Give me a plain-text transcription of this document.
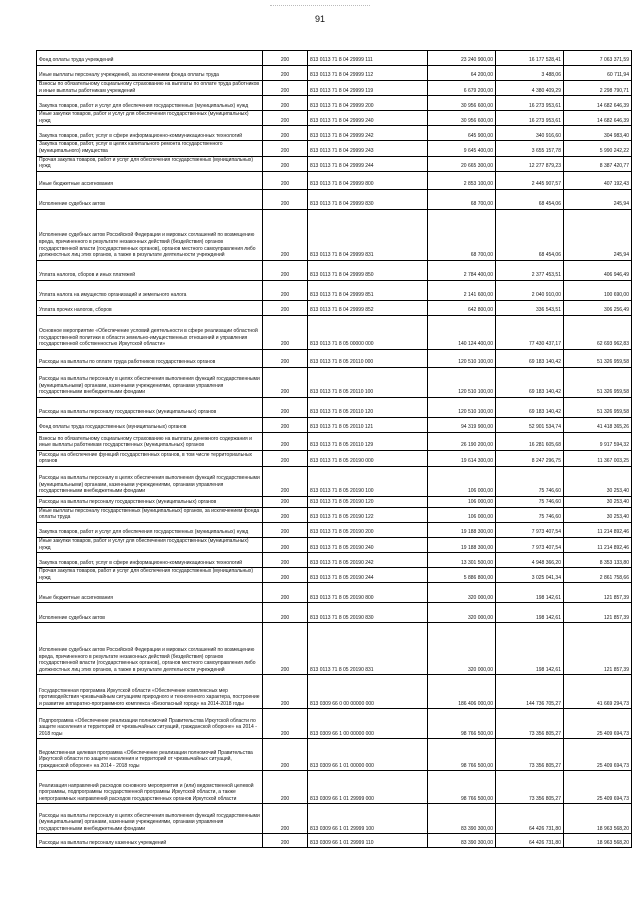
91
Фонд оплаты труда учреждений	200	813 0113 71 8 04 29999 111	23 240 900,00	16 177 528,41	7 063 371,59
Иные выплаты персоналу учреждений, за исключением фонда оплаты труда	200	813 0113 71 8 04 29999 112	64 200,00	3 488,06	60 711,94
Взносы по обязательному социальному страхованию на выплаты по оплате труда работников и иные выплаты работникам учреждений	200	813 0113 71 8 04 29999 119	6 679 200,00	4 380 409,29	2 298 790,71
Закупка товаров, работ и услуг для обеспечения государственных (муниципальных) нужд	200	813 0113 71 8 04 29999 200	30 956 600,00	16 273 953,61	14 682 646,39
Иные закупки товаров, работ и услуг для обеспечения государственных (муниципальных) нужд	200	813 0113 71 8 04 29999 240	30 956 600,00	16 273 953,61	14 682 646,39
Закупка товаров, работ, услуг в сфере информационно-коммуникационных технологий	200	813 0113 71 8 04 29999 242	645 900,00	340 916,60	304 983,40
Закупка товаров, работ, услуг в целях капитального ремонта государственного (муниципального) имущества	200	813 0113 71 8 04 29999 243	9 645 400,00	3 655 157,78	5 990 242,22
Прочая закупка товаров, работ и услуг для обеспечения государственных (муниципальных) нужд	200	813 0113 71 8 04 29999 244	20 665 300,00	12 277 879,23	8 387 420,77
Иные бюджетные ассигнования	200	813 0113 71 8 04 29999 800	2 853 100,00	2 445 907,57	407 192,43
Исполнение судебных актов	200	813 0113 71 8 04 29999 830	68 700,00	68 454,06	245,94
Исполнение судебных актов Российской Федерации и мировых соглашений по возмещению вреда, причиненного в результате незаконных действий (бездействия) органов государственной власти (государственных органов), органов местного самоуправления либо должностных лиц этих органов, а также в результате деятельности учреждений	200	813 0113 71 8 04 29999 831	68 700,00	68 454,06	245,94
Уплата налогов, сборов и иных платежей	200	813 0113 71 8 04 29999 850	2 784 400,00	2 377 453,51	406 946,49
Уплата налога на имущество организаций и земельного налога	200	813 0113 71 8 04 29999 851	2 141 600,00	2 040 910,00	100 690,00
Уплата прочих налогов, сборов	200	813 0113 71 8 04 29999 852	642 800,00	336 543,51	306 256,49
Основное мероприятие «Обеспечение условий деятельности в сфере реализации областной государственной политики в области земельно-имущественных отношений и управления государственной собственностью Иркутской области»	200	813 0113 71 8 05 00000 000	140 124 400,00	77 430 437,17	62 693 962,83
Расходы на выплаты по оплате труда работников государственных органов	200	813 0113 71 8 05 20110 000	120 510 100,00	69 183 140,42	51 326 959,58
Расходы на выплаты персоналу в целях обеспечения выполнения функций государственными (муниципальными) органами, казенными учреждениями, органами управления государственными внебюджетными фондами	200	813 0113 71 8 05 20110 100	120 510 100,00	69 183 140,42	51 326 959,58
Расходы на выплаты персоналу государственных (муниципальных) органов	200	813 0113 71 8 05 20110 120	120 510 100,00	69 183 140,42	51 326 959,58
Фонд оплаты труда государственных (муниципальных) органов	200	813 0113 71 8 05 20110 121	94 319 900,00	52 901 534,74	41 418 365,26
Взносы по обязательному социальному страхованию на выплаты денежного содержания и иные выплаты работникам государственных (муниципальных) органов	200	813 0113 71 8 05 20110 129	26 190 200,00	16 281 605,68	9 917 594,32
Расходы на обеспечение функций государственных органов, в том числе территориальных органов	200	813 0113 71 8 05 20190 000	19 614 300,00	8 247 296,75	11 367 003,25
Расходы на выплаты персоналу в целях обеспечения выполнения функций государственными (муниципальными) органами, казенными учреждениями, органами управления государственными внебюджетными фондами	200	813 0113 71 8 05 20190 100	106 000,00	75 746,60	30 253,40
Расходы на выплаты персоналу государственных (муниципальных) органов	200	813 0113 71 8 05 20190 120	106 000,00	75 746,60	30 253,40
Иные выплаты персоналу государственных (муниципальных) органов, за исключением фонда оплаты труда	200	813 0113 71 8 05 20190 122	106 000,00	75 746,60	30 253,40
Закупка товаров, работ и услуг для обеспечения государственных (муниципальных) нужд	200	813 0113 71 8 05 20190 200	19 188 300,00	7 973 407,54	11 214 892,46
Иные закупки товаров, работ и услуг для обеспечения государственных (муниципальных) нужд	200	813 0113 71 8 05 20190 240	19 188 300,00	7 973 407,54	11 214 892,46
Закупка товаров, работ, услуг в сфере информационно-коммуникационных технологий	200	813 0113 71 8 05 20190 242	13 301 500,00	4 948 366,20	8 353 133,80
Прочая закупка товаров, работ и услуг для обеспечения государственных (муниципальных) нужд	200	813 0113 71 8 05 20190 244	5 886 800,00	3 025 041,34	2 861 758,66
Иные бюджетные ассигнования	200	813 0113 71 8 05 20190 800	320 000,00	198 142,61	121 857,39
Исполнение судебных актов	200	813 0113 71 8 05 20190 830	320 000,00	198 142,61	121 857,39
Исполнение судебных актов Российской Федерации и мировых соглашений по возмещению вреда, причиненного в результате незаконных действий (бездействия) органов государственной власти (государственных органов), органов местного самоуправления либо должностных лиц этих органов, а также в результате деятельности учреждений	200	813 0113 71 8 05 20190 831	320 000,00	198 142,61	121 857,39
Государственная программа Иркутской области «Обеспечение комплексных мер противодействия чрезвычайным ситуациям природного и техногенного характера, построение и развитие аппаратно-программного комплекса «Безопасный город» на 2014-2018 годы	200	813 0309 66 0 00 00000 000	186 406 000,00	144 736 705,27	41 669 294,73
Подпрограмма «Обеспечение реализации полномочий Правительства Иркутской области по защите населения и территорий от чрезвычайных ситуаций, гражданской обороне» на 2014 - 2018 годы	200	813 0309 66 1 00 00000 000	98 766 500,00	73 356 805,27	25 409 694,73
Ведомственная целевая программа «Обеспечение реализации полномочий Правительства Иркутской области по защите населения и территорий от чрезвычайных ситуаций, гражданской обороне» на 2014 - 2018 годы	200	813 0309 66 1 01 00000 000	98 766 500,00	73 356 805,27	25 409 694,73
Реализация направлений расходов основного мероприятия и (или) ведомственной целевой программы, подпрограммы государственной программы Иркутской области, а также непрограммных направлений расходов государственных органов Иркутской области	200	813 0309 66 1 01 29999 000	98 766 500,00	73 356 805,27	25 409 694,73
Расходы на выплаты персоналу в целях обеспечения выполнения функций государственными (муниципальными) органами, казенными учреждениями, органами управления государственными внебюджетными фондами	200	813 0309 66 1 01 29999 100	83 390 300,00	64 426 731,80	18 963 568,20
Расходы на выплаты персоналу казенных учреждений	200	813 0309 66 1 01 29999 110	83 390 300,00	64 426 731,80	18 963 568,20
